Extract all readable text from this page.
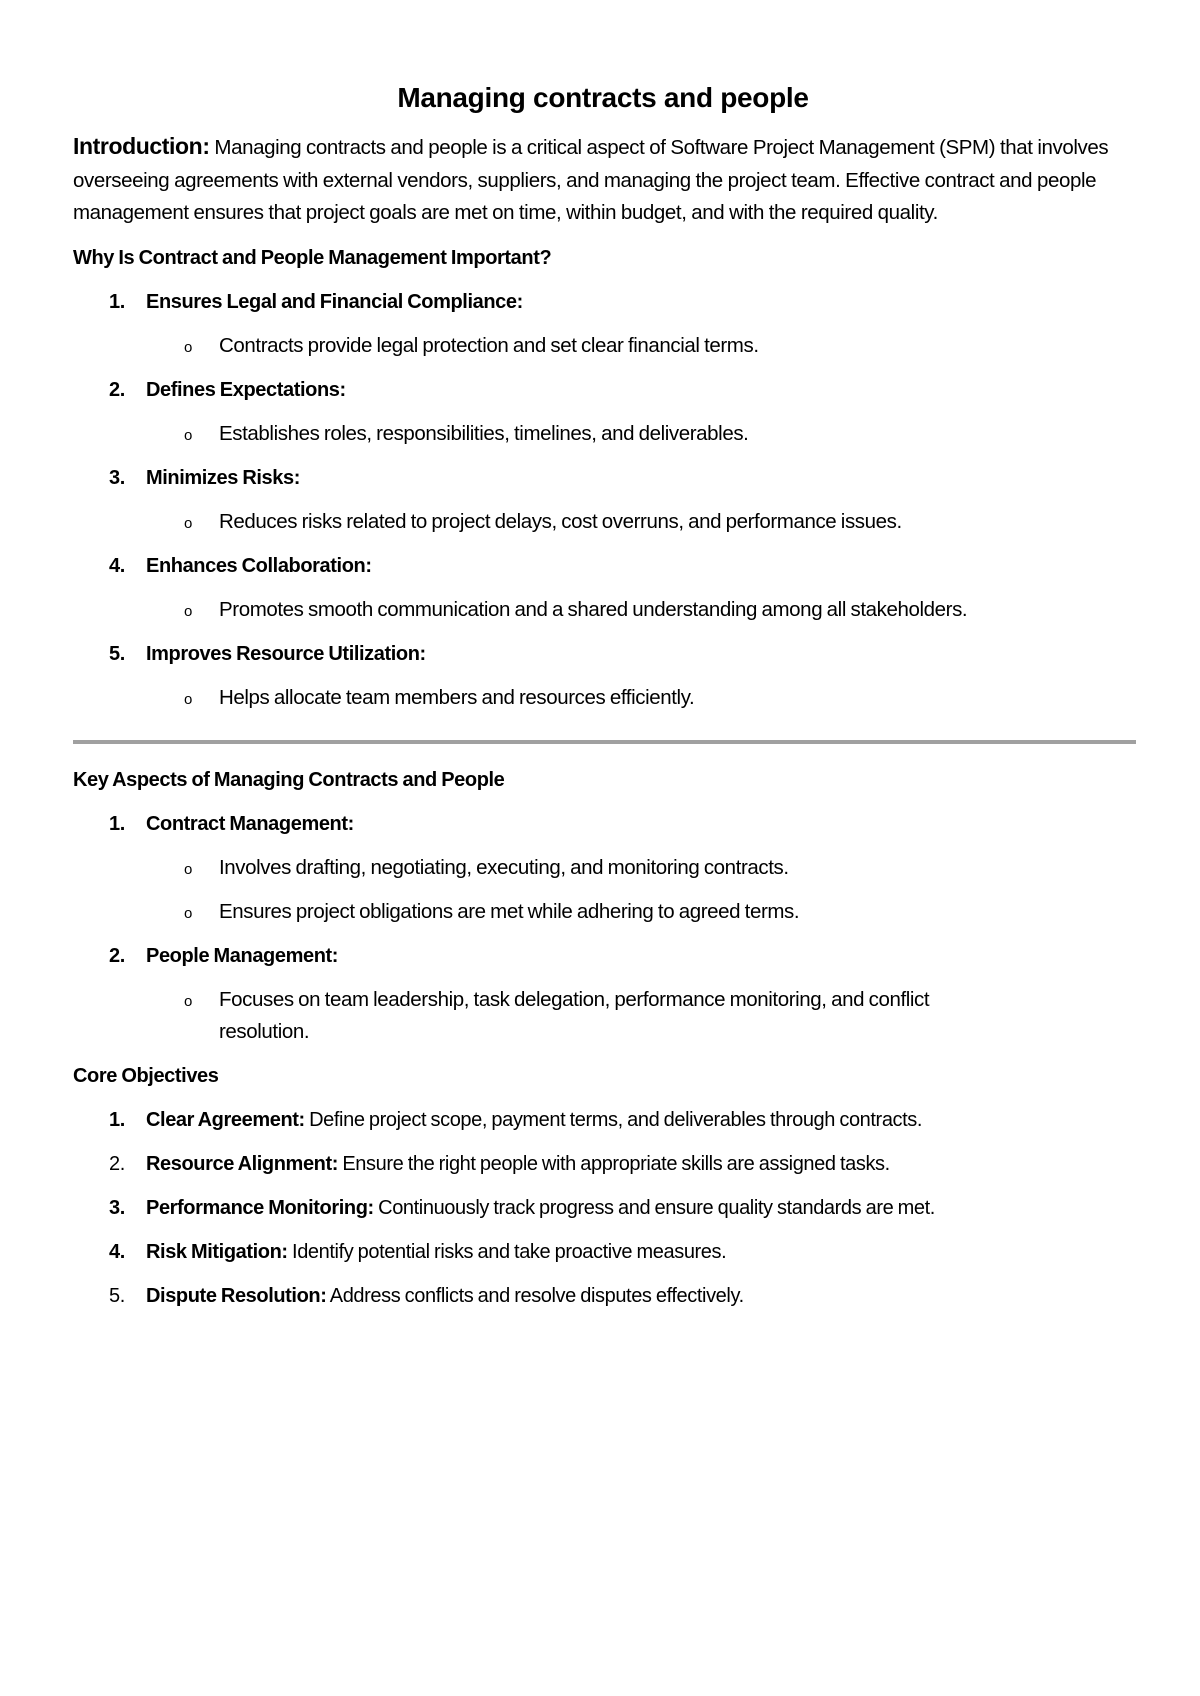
Managing contracts and people

Introduction: Managing contracts and people is a critical aspect of Software Project Management (SPM) that involves overseeing agreements with external vendors, suppliers, and managing the project team. Effective contract and people management ensures that project goals are met on time, within budget, and with the required quality.

Why Is Contract and People Management Important?

1. Ensures Legal and Financial Compliance:
o Contracts provide legal protection and set clear financial terms.
2. Defines Expectations:
o Establishes roles, responsibilities, timelines, and deliverables.
3. Minimizes Risks:
o Reduces risks related to project delays, cost overruns, and performance issues.
4. Enhances Collaboration:
o Promotes smooth communication and a shared understanding among all stakeholders.
5. Improves Resource Utilization:
o Helps allocate team members and resources efficiently.

Key Aspects of Managing Contracts and People

1. Contract Management:
o Involves drafting, negotiating, executing, and monitoring contracts.
o Ensures project obligations are met while adhering to agreed terms.
2. People Management:
o Focuses on team leadership, task delegation, performance monitoring, and conflict resolution.

Core Objectives

1. Clear Agreement: Define project scope, payment terms, and deliverables through contracts.
2. Resource Alignment: Ensure the right people with appropriate skills are assigned tasks.
3. Performance Monitoring: Continuously track progress and ensure quality standards are met.
4. Risk Mitigation: Identify potential risks and take proactive measures.
5. Dispute Resolution: Address conflicts and resolve disputes effectively.
